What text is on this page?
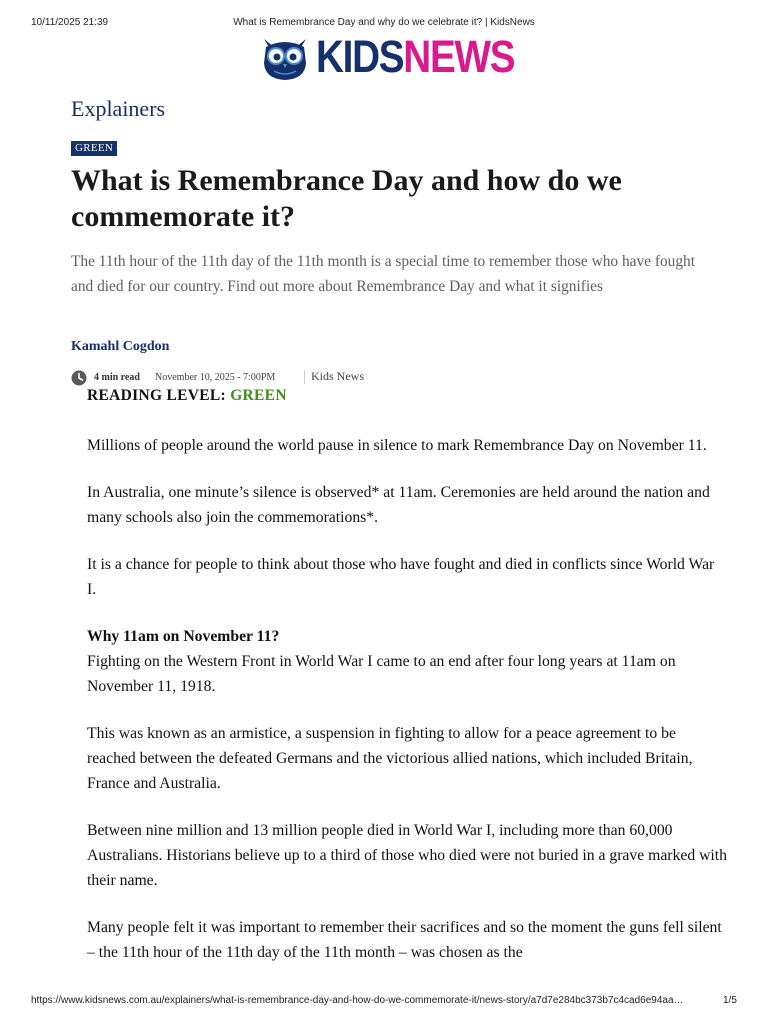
10/11/2025 21:39	What is Remembrance Day and why do we celebrate it? | KidsNews
KIDSNEWS
Explainers
GREEN
What is Remembrance Day and how do we commemorate it?

The 11th hour of the 11th day of the 11th month is a special time to remember those who have fought and died for our country. Find out more about Remembrance Day and what it signifies

Kamahl Cogdon
4 min read November 10, 2025 - 7:00PM	Kids News
READING LEVEL: GREEN

Millions of people around the world pause in silence to mark Remembrance Day on November 11.

In Australia, one minute’s silence is observed* at 11am. Ceremonies are held around the nation and many schools also join the commemorations*.

It is a chance for people to think about those who have fought and died in conflicts since World War I.

Why 11am on November 11?

Fighting on the Western Front in World War I came to an end after four long years at 11am on November 11, 1918.

This was known as an armistice, a suspension in fighting to allow for a peace agreement to be reached between the defeated Germans and the victorious allied nations, which included Britain, France and Australia.

Between nine million and 13 million people died in World War I, including more than 60,000 Australians. Historians believe up to a third of those who died were not buried in a grave marked with their name.

Many people felt it was important to remember their sacrifices and so the moment the guns fell silent – the 11th hour of the 11th day of the 11th month – was chosen as the

https://www.kidsnews.com.au/explainers/what-is-remembrance-day-and-how-do-we-commemorate-it/news-story/a7d7e284bc373b7c4cad6e94aa…	1/5
